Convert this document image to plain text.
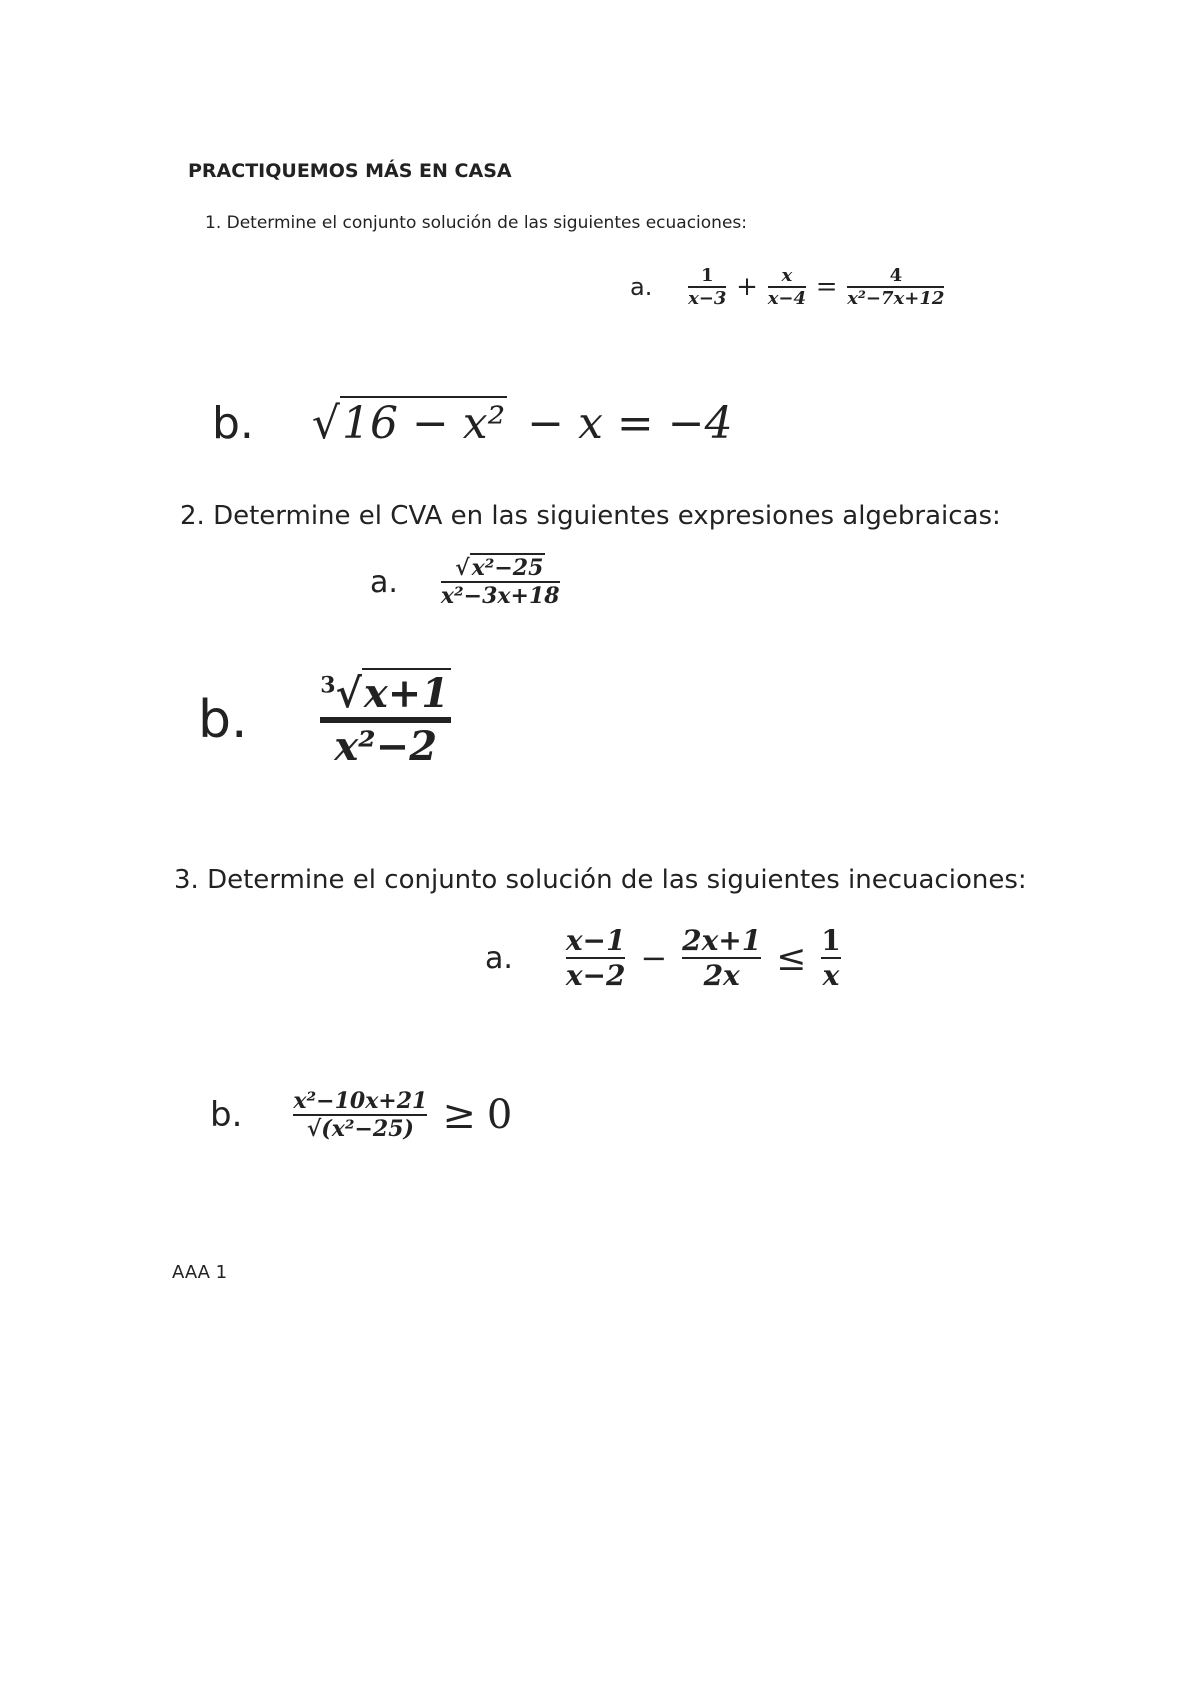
PRACTIQUEMOS MÁS EN CASA
1. Determine el conjunto solución de las siguientes ecuaciones:
a. $\frac{1}{x-3} + \frac{x}{x-4} = \frac{4}{\text{x²−7x+12}}$
b. √16 − x² − x = −4
2. Determine el CVA en las siguientes expresiones algebraicas:
a. $\frac{\text{√x²−25}}{\text{x²−3x+18}}$
b.
$^3$√x+1
x²−2
3. Determine el conjunto solución de las siguientes inecuaciones:
a. $\frac{x-1}{x-2} - \frac{2x+1}{2x} \le \frac{1}{x}$
b. $\frac{\text{x²−10x+21}}{\text{√(x²−25)}} \ge 0$
AAA 1
